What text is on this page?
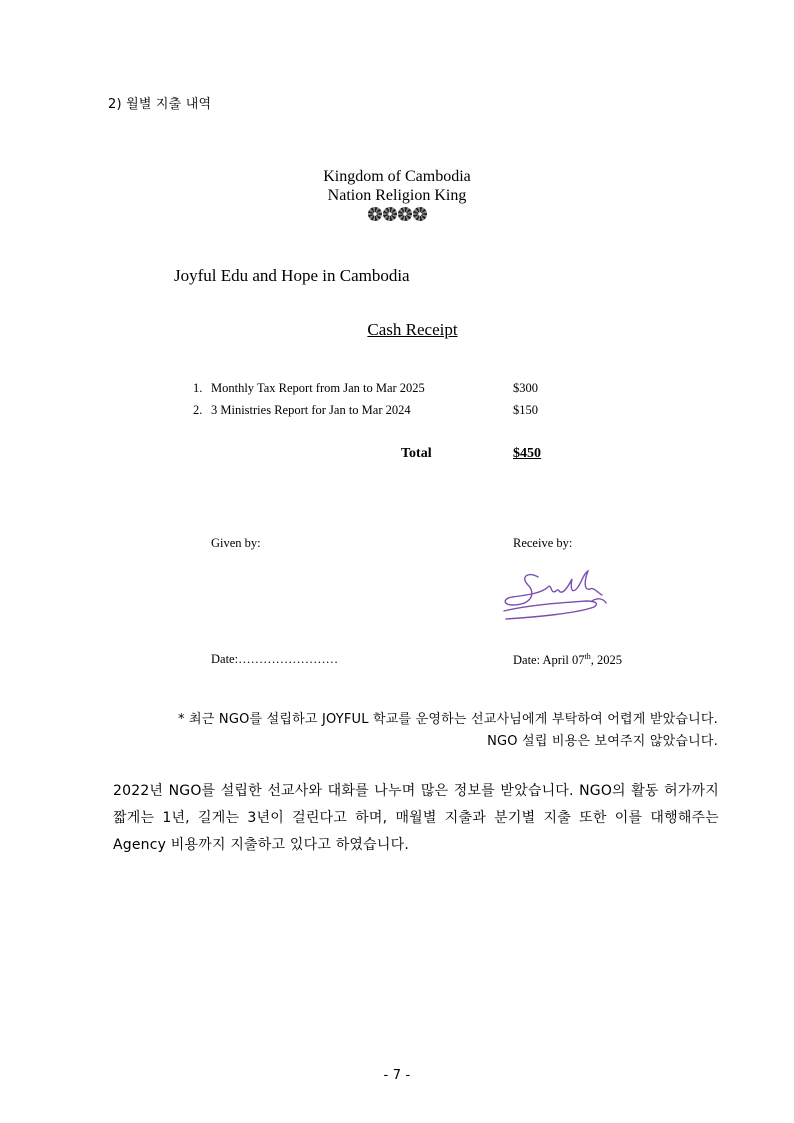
2) 월별 지출 내역
Kingdom of Cambodia
Nation Religion King
Joyful Edu and Hope in Cambodia
Cash Receipt
1. Monthly Tax Report from Jan to Mar 2025	$300
2. 3 Ministries Report for Jan to Mar 2024	$150
Total	$450
Given by:	Receive by:
Date:……………………	Date: April 07th, 2025
* 최근 NGO를 설립하고 JOYFUL 학교를 운영하는 선교사님에게 부탁하여 어렵게 받았습니다.
NGO 설립 비용은 보여주지 않았습니다.
2022년 NGO를 설립한 선교사와 대화를 나누며 많은 정보를 받았습니다. NGO의 활동 허가까지 짧게는 1년, 길게는 3년이 걸린다고 하며, 매월별 지출과 분기별 지출 또한 이를 대행해주는 Agency 비용까지 지출하고 있다고 하였습니다.
- 7 -
